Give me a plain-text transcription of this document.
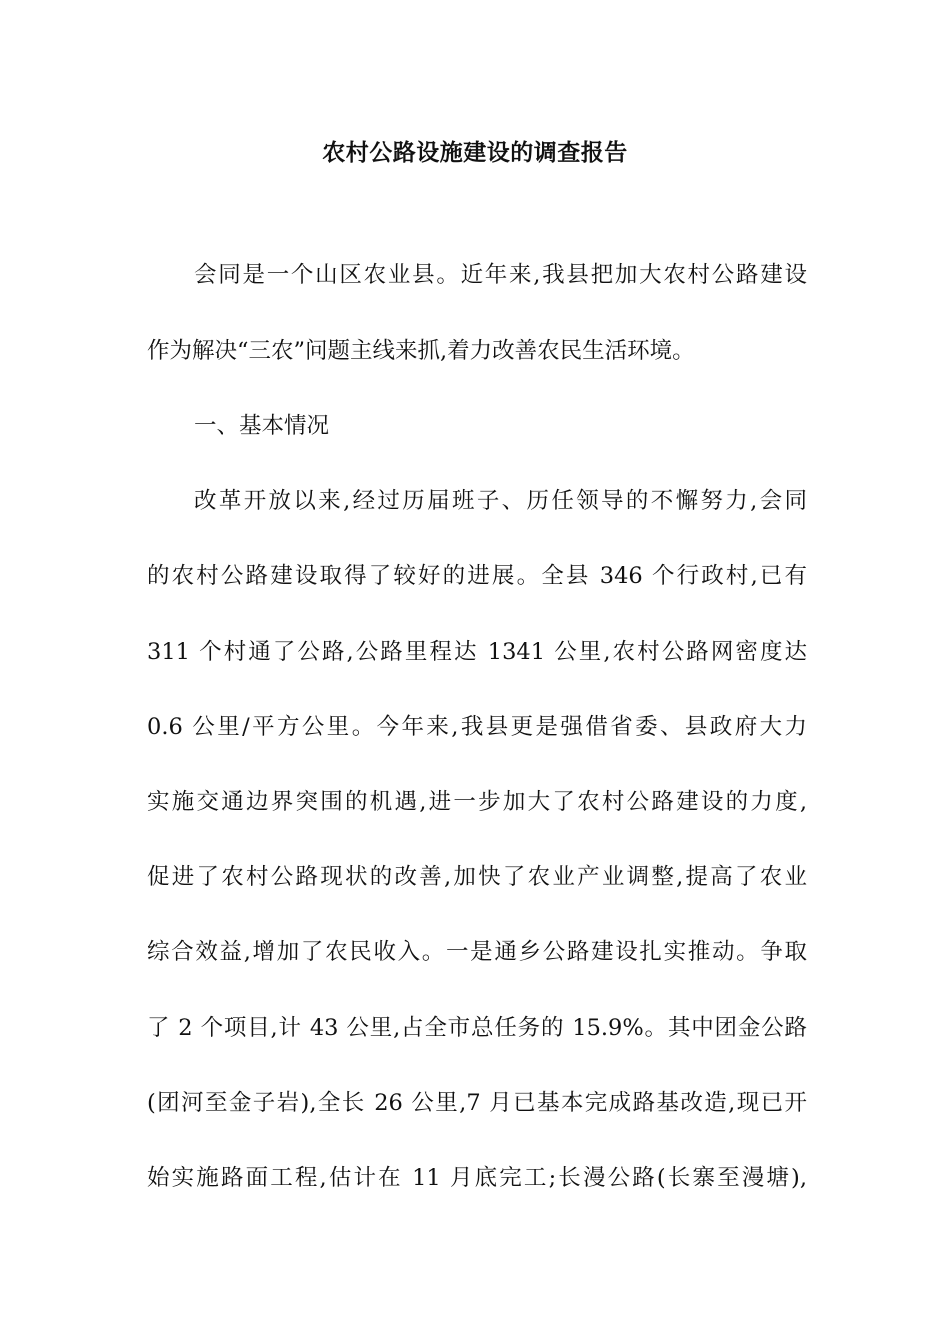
农村公路设施建设的调查报告
会同是一个山区农业县。近年来,我县把加大农村公路建设
作为解决“三农”问题主线来抓,着力改善农民生活环境。
一、基本情况
改革开放以来,经过历届班子、历任领导的不懈努力,会同
的农村公路建设取得了较好的进展。全县 346 个行政村,已有
311 个村通了公路,公路里程达 1341 公里,农村公路网密度达
0.6 公里/平方公里。今年来,我县更是强借省委、县政府大力
实施交通边界突围的机遇,进一步加大了农村公路建设的力度,
促进了农村公路现状的改善,加快了农业产业调整,提高了农业
综合效益,增加了农民收入。一是通乡公路建设扎实推动。争取
了 2 个项目,计 43 公里,占全市总任务的 15.9%。其中团金公路
(团河至金子岩),全长 26 公里,7 月已基本完成路基改造,现已开
始实施路面工程,估计在 11 月底完工;长漫公路(长寨至漫塘),
